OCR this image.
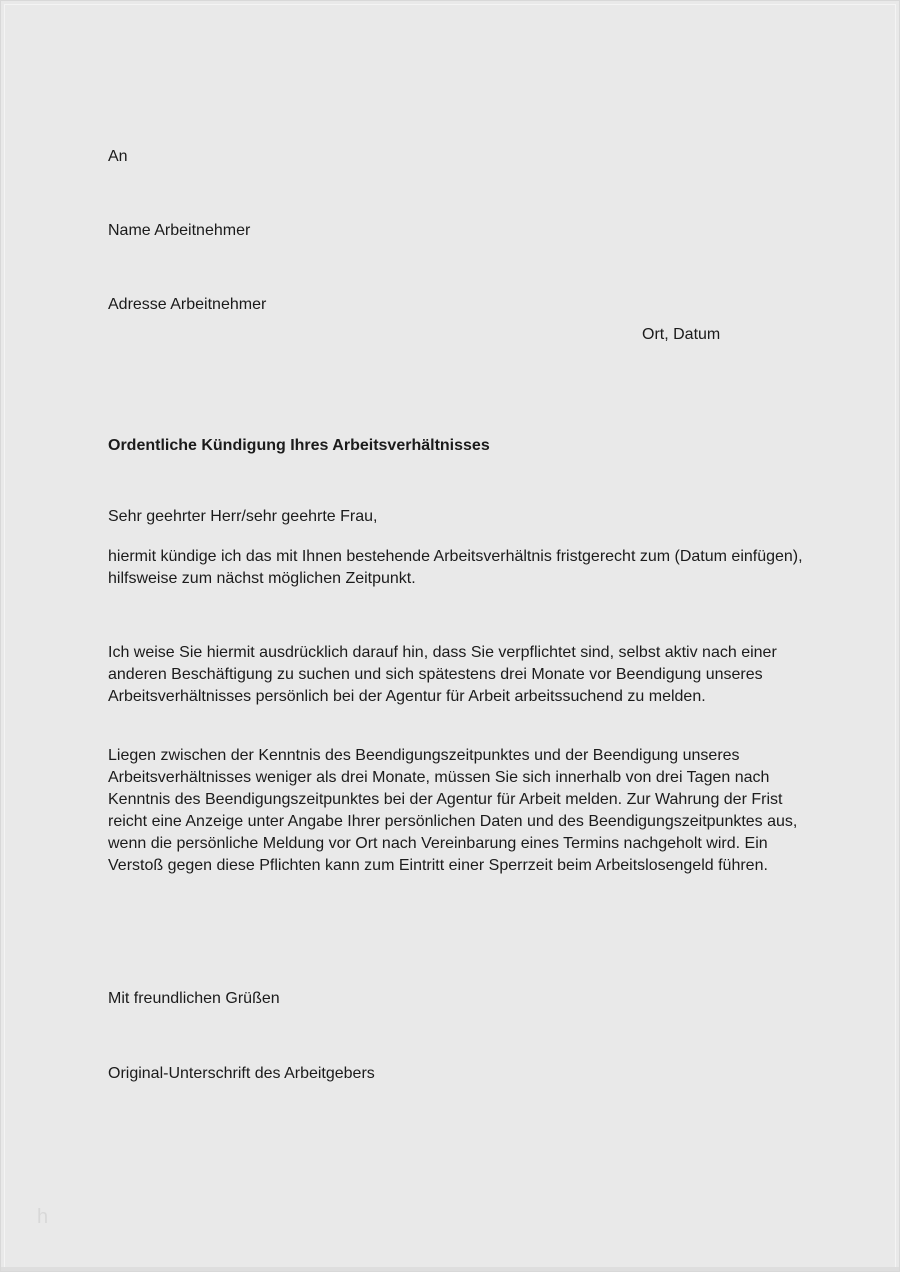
An

Name Arbeitnehmer

Adresse Arbeitnehmer

Ort, Datum
Ordentliche Kündigung Ihres Arbeitsverhältnisses
Sehr geehrter Herr/sehr geehrte Frau,
hiermit kündige ich das mit Ihnen bestehende Arbeitsverhältnis fristgerecht zum (Datum einfügen), hilfsweise zum nächst möglichen Zeitpunkt.
Ich weise Sie hiermit ausdrücklich darauf hin, dass Sie verpflichtet sind, selbst aktiv nach einer anderen Beschäftigung zu suchen und sich spätestens drei Monate vor Beendigung unseres Arbeitsverhältnisses persönlich bei der Agentur für Arbeit arbeitssuchend zu melden.
Liegen zwischen der Kenntnis des Beendigungszeitpunktes und der Beendigung unseres Arbeitsverhältnisses weniger als drei Monate, müssen Sie sich innerhalb von drei Tagen nach Kenntnis des Beendigungszeitpunktes bei der Agentur für Arbeit melden. Zur Wahrung der Frist reicht eine Anzeige unter Angabe Ihrer persönlichen Daten und des Beendigungszeitpunktes aus, wenn die persönliche Meldung vor Ort nach Vereinbarung eines Termins nachgeholt wird. Ein Verstoß gegen diese Pflichten kann zum Eintritt einer Sperrzeit beim Arbeitslosengeld führen.
Mit freundlichen Grüßen
Original-Unterschrift des Arbeitgebers
h
